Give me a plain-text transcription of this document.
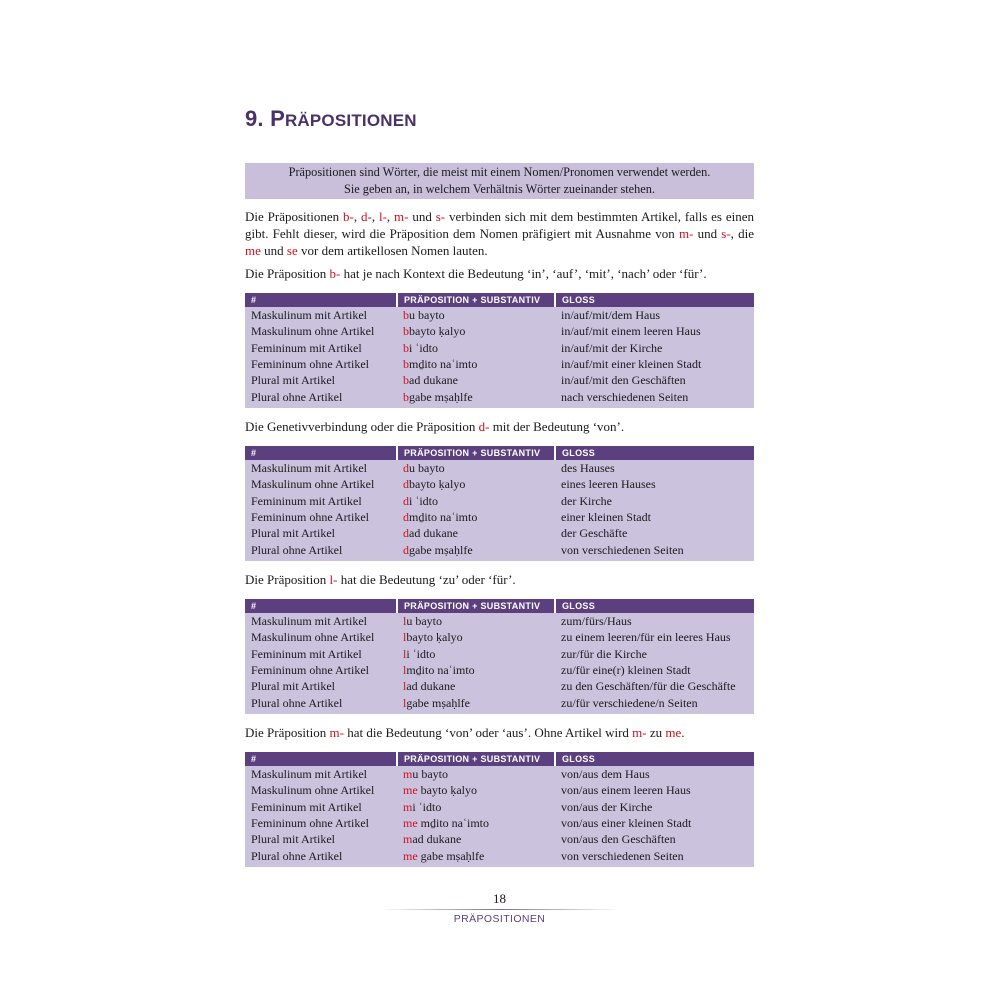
9. PRÄPOSITIONEN
Präpositionen sind Wörter, die meist mit einem Nomen/Pronomen verwendet werden.
Sie geben an, in welchem Verhältnis Wörter zueinander stehen.

Die Präpositionen b-, d-, l-, m- und s- verbinden sich mit dem bestimmten Artikel, falls es einen gibt. Fehlt dieser, wird die Präposition dem Nomen präfigiert mit Ausnahme von m- und s-, die me und se vor dem artikellosen Nomen lauten.

Die Präposition b- hat je nach Kontext die Bedeutung ‘in’, ‘auf’, ‘mit’, ‘nach’ oder ‘für’.

#	PRÄPOSITION + SUBSTANTIV	GLOSS
Maskulinum mit Artikel	bu bayto	in/auf/mit/dem Haus
Maskulinum ohne Artikel	bbayto ḳalyo	in/auf/mit einem leeren Haus
Femininum mit Artikel	bi ʿidto	in/auf/mit der Kirche
Femininum ohne Artikel	bmḏito naʿimto	in/auf/mit einer kleinen Stadt
Plural mit Artikel	bad dukane	in/auf/mit den Geschäften
Plural ohne Artikel	bgabe mṣaḥlfe	nach verschiedenen Seiten

Die Genetivverbindung oder die Präposition d- mit der Bedeutung ‘von’.

#	PRÄPOSITION + SUBSTANTIV	GLOSS
Maskulinum mit Artikel	du bayto	des Hauses
Maskulinum ohne Artikel	dbayto ḳalyo	eines leeren Hauses
Femininum mit Artikel	di ʿidto	der Kirche
Femininum ohne Artikel	dmḏito naʿimto	einer kleinen Stadt
Plural mit Artikel	dad dukane	der Geschäfte
Plural ohne Artikel	dgabe mṣaḥlfe	von verschiedenen Seiten

Die Präposition l- hat die Bedeutung ‘zu’ oder ‘für’.

#	PRÄPOSITION + SUBSTANTIV	GLOSS
Maskulinum mit Artikel	lu bayto	zum/fürs/Haus
Maskulinum ohne Artikel	lbayto ḳalyo	zu einem leeren/für ein leeres Haus
Femininum mit Artikel	li ʿidto	zur/für die Kirche
Femininum ohne Artikel	lmḏito naʿimto	zu/für eine(r) kleinen Stadt
Plural mit Artikel	lad dukane	zu den Geschäften/für die Geschäfte
Plural ohne Artikel	lgabe mṣaḥlfe	zu/für verschiedene/n Seiten

Die Präposition m- hat die Bedeutung ‘von’ oder ‘aus’. Ohne Artikel wird m- zu me.

#	PRÄPOSITION + SUBSTANTIV	GLOSS
Maskulinum mit Artikel	mu bayto	von/aus dem Haus
Maskulinum ohne Artikel	me bayto ḳalyo	von/aus einem leeren Haus
Femininum mit Artikel	mi ʿidto	von/aus der Kirche
Femininum ohne Artikel	me mḏito naʿimto	von/aus einer kleinen Stadt
Plural mit Artikel	mad dukane	von/aus den Geschäften
Plural ohne Artikel	me gabe mṣaḥlfe	von verschiedenen Seiten
18
PRÄPOSITIONEN
